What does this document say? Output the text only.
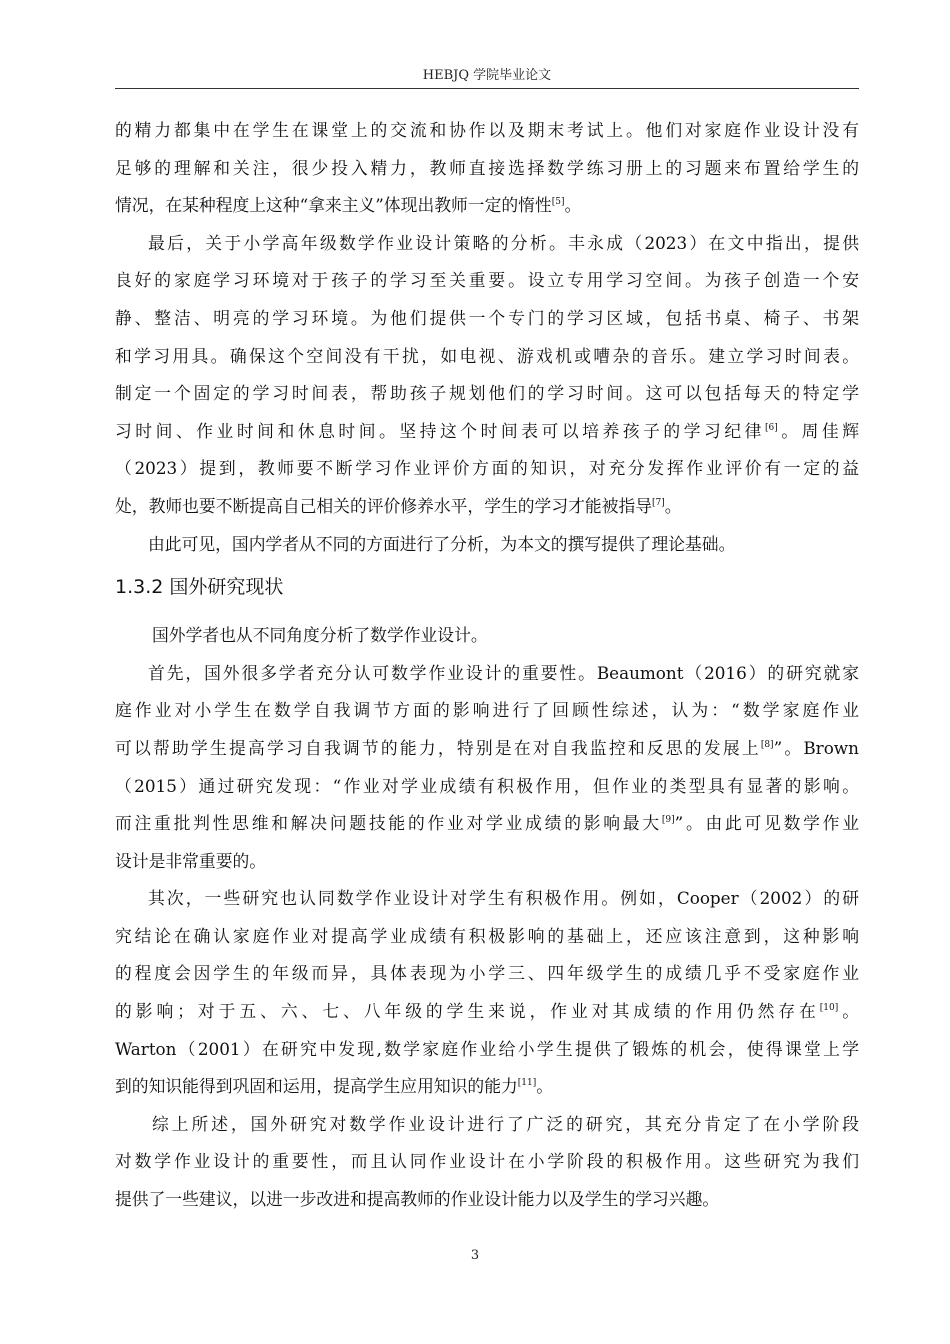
HEBJQ 学院毕业论文
的精力都集中在学生在课堂上的交流和协作以及期末考试上。他们对家庭作业设计没有
足够的理解和关注，很少投入精力，教师直接选择数学练习册上的习题来布置给学生的
情况，在某种程度上这种“拿来主义”体现出教师一定的惰性[5]。
最后，关于小学高年级数学作业设计策略的分析。丰永成（2023）在文中指出，提供
良好的家庭学习环境对于孩子的学习至关重要。设立专用学习空间。为孩子创造一个安
静、整洁、明亮的学习环境。为他们提供一个专门的学习区域，包括书桌、椅子、书架
和学习用具。确保这个空间没有干扰，如电视、游戏机或嘈杂的音乐。建立学习时间表。
制定一个固定的学习时间表，帮助孩子规划他们的学习时间。这可以包括每天的特定学
习时间、作业时间和休息时间。坚持这个时间表可以培养孩子的学习纪律[6]。周佳辉
（2023）提到，教师要不断学习作业评价方面的知识，对充分发挥作业评价有一定的益
处，教师也要不断提高自己相关的评价修养水平，学生的学习才能被指导[7]。
由此可见，国内学者从不同的方面进行了分析，为本文的撰写提供了理论基础。
1.3.2 国外研究现状
国外学者也从不同角度分析了数学作业设计。
首先，国外很多学者充分认可数学作业设计的重要性。Beaumont（2016）的研究就家
庭作业对小学生在数学自我调节方面的影响进行了回顾性综述，认为：“数学家庭作业
可以帮助学生提高学习自我调节的能力，特别是在对自我监控和反思的发展上[8]”。Brown
（2015）通过研究发现：“作业对学业成绩有积极作用，但作业的类型具有显著的影响。
而注重批判性思维和解决问题技能的作业对学业成绩的影响最大[9]”。由此可见数学作业
设计是非常重要的。
其次，一些研究也认同数学作业设计对学生有积极作用。例如，Cooper（2002）的研
究结论在确认家庭作业对提高学业成绩有积极影响的基础上，还应该注意到，这种影响
的程度会因学生的年级而异，具体表现为小学三、四年级学生的成绩几乎不受家庭作业
的影响；对于五、六、七、八年级的学生来说，作业对其成绩的作用仍然存在[10]。
Warton（2001）在研究中发现,数学家庭作业给小学生提供了锻炼的机会，使得课堂上学
到的知识能得到巩固和运用，提高学生应用知识的能力[11]。
综上所述，国外研究对数学作业设计进行了广泛的研究，其充分肯定了在小学阶段
对数学作业设计的重要性，而且认同作业设计在小学阶段的积极作用。这些研究为我们
提供了一些建议，以进一步改进和提高教师的作业设计能力以及学生的学习兴趣。
3
